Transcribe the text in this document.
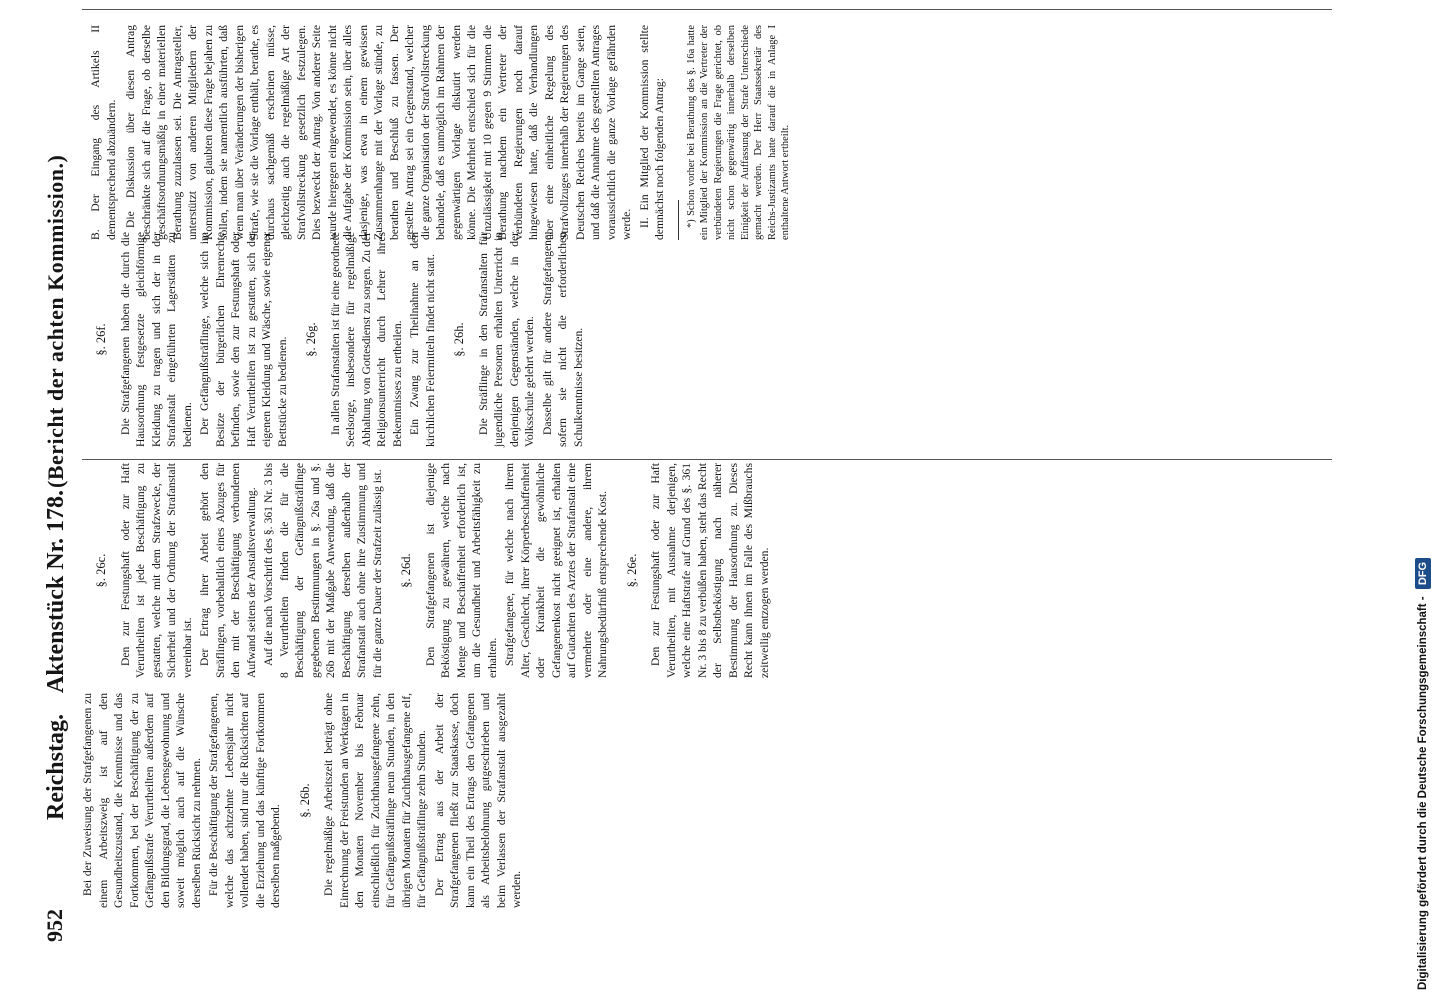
952
Reichstag.
Aktenstück Nr. 178.
(Bericht der achten Kommission.)

Bei der Zuweisung der Strafgefangenen zu einem Arbeitszweig ist auf den Gesundheitszustand, die Kenntnisse und das Fortkommen, bei der Beschäftigung der zu Gefängnißstrafe Verurtheilten außerdem auf den Bildungsgrad, die Lebensgewohnung und soweit möglich auch auf die Wünsche derselben Rücksicht zu nehmen. Für die Beschäftigung der Strafgefangenen, welche das achtzehnte Lebensjahr nicht vollendet haben, sind nur die Rücksichten auf die Erziehung und das künftige Fortkommen derselben maßgebend.

§. 26b. Die regelmäßige Arbeitszeit beträgt ohne Einrechnung der Freistunden an Werktagen in den Monaten November bis Februar einschließlich für Zuchthausgefangene zehn, für Gefängnißsträflinge neun Stunden, in den übrigen Monaten für Zuchthausgefangene elf, für Gefängnißsträflinge zehn Stunden. Der Ertrag aus der Arbeit der Strafgefangenen fließt zur Staatskasse, doch kann ein Theil des Ertrags den Gefangenen als Arbeitsbelohnung gutgeschrieben und beim Verlassen der Strafanstalt ausgezahlt werden.

§. 26c. Den zur Festungshaft oder zur Haft Verurtheilten ist jede Beschäftigung zu gestatten, welche mit dem Strafzwecke, der Sicherheit und der Ordnung der Strafanstalt vereinbar ist. Der Ertrag ihrer Arbeit gehört den Sträflingen, vorbehaltlich eines Abzuges für den mit der Beschäftigung verbundenen Aufwand seitens der Anstaltsverwaltung. Auf die nach Vorschrift des §. 361 Nr. 3 bis 8 Verurtheilten finden die für die Beschäftigung der Gefängnißsträflinge gegebenen Bestimmungen in §. 26a und §. 26b mit der Maßgabe Anwendung, daß die Beschäftigung derselben außerhalb der Strafanstalt auch ohne ihre Zustimmung und für die ganze Dauer der Strafzeit zulässig ist. §. 26d. Den Strafgefangenen ist diejenige Beköstigung zu gewähren, welche nach Menge und Beschaffenheit erforderlich ist, um die Gesundheit und Arbeitsfähigkeit zu erhalten. Strafgefangene, für welche nach ihrem Alter, Geschlecht, ihrer Körperbeschaffenheit oder Krankheit die gewöhnliche Gefangenenkost nicht geeignet ist, erhalten auf Gutachten des Arztes der Strafanstalt eine vermehrte oder eine andere, ihrem Nahrungsbedürfniß entsprechende Kost. §. 26e. Den zur Festungshaft oder zur Haft Verurtheilten, mit Ausnahme derjenigen, welche eine Haftstrafe auf Grund des §. 361 Nr. 3 bis 8 zu verbüßen haben, steht das Recht der Selbstbeköstigung nach näherer Bestimmung der Hausordnung zu. Dieses Recht kann ihnen im Falle des Mißbrauchs zeitweilig entzogen werden.

§. 26f. Die Strafgefangenen haben die durch die Hausordnung festgesetzte gleichförmige Kleidung zu tragen und sich der in der Strafanstalt eingeführten Lagerstätten zu bedienen. Der Gefängnißsträflinge, welche sich im Besitze der bürgerlichen Ehrenrechte befinden, sowie den zur Festungshaft oder Haft Verurtheilten ist zu gestatten, sich der eigenen Kleidung und Wäsche, sowie eigener Bettstücke zu bedienen. §. 26g. In allen Strafanstalten ist für eine geordnete Seelsorge, insbesondere für regelmäßige Abhaltung von Gottesdienst zu sorgen. Zu der Religionsunterricht durch Lehrer ihres Bekenntnisses zu ertheilen. Ein Zwang zur Theilnahme an den kirchlichen Feiermitteln findet nicht statt. §. 26h. Die Sträflinge in den Strafanstalten für jugendliche Personen erhalten Unterricht in denjenigen Gegenständen, welche in der Volksschule gelehrt werden. Dasselbe gilt für andere Strafgefangene, sofern sie nicht die erforderlichen Schulkenntnisse besitzen.

B. Der Eingang des Artikels II dementsprechend abzuändern. Die Diskussion über diesen Antrag beschränkte sich auf die Frage, ob derselbe geschäftsordnungsmäßig in einer materiellen Berathung zuzulassen sei. Die Antragsteller, unterstützt von anderen Mitgliedern der Kommission, glaubten diese Frage bejahen zu sollen, indem sie namentlich ausführten, daß wenn man über Veränderungen der bisherigen Strafe, wie sie die Vorlage enthält, berathe, es durchaus sachgemäß erscheinen müsse, gleichzeitig auch die regelmäßige Art der Strafvollstreckung gesetzlich festzulegen. Dies bezweckt der Antrag. Von anderer Seite wurde hiergegen eingewendet, es könne nicht die Aufgabe der Kommission sein, über alles dasjenige, was etwa in einem gewissen Zusammenhange mit der Vorlage stünde, zu berathen und Beschluß zu fassen. Der gestellte Antrag sei ein Gegenstand, welcher die ganze Organisation der Strafvollstreckung behandele, daß es unmöglich im Rahmen der gegenwärtigen Vorlage diskutirt werden könne. Die Mehrheit entschied sich für die Unzulässigkeit mit 10 gegen 9 Stimmen die Berathung nachdem ein Vertreter der verbündeten Regierungen noch darauf hingewiesen hatte, daß die Verhandlungen über eine einheitliche Regelung des Strafvollzuges innerhalb der Regierungen des Deutschen Reiches bereits im Gange seien, und daß die Annahme des gestellten Antrages voraussichtlich die ganze Vorlage gefährden werde. II. Ein Mitglied der Kommission stellte demnächst noch folgenden Antrag: *) Schon vorher bei Berathung des §. 16a hatte ein Mitglied der Kommission an die Vertreter der verbündeten Regierungen die Frage gerichtet, ob nicht schon gegenwärtig innerhalb derselben Einigkeit der Auffassung der Strafe Unterschiede gemacht werden. Der Herr Staatssekretär des Reichs-Justizamts hatte darauf die in Anlage I enthaltene Antwort ertheilt.

Digitalisierung gefördert durch die Deutsche Forschungsgemeinschaft - DFG
